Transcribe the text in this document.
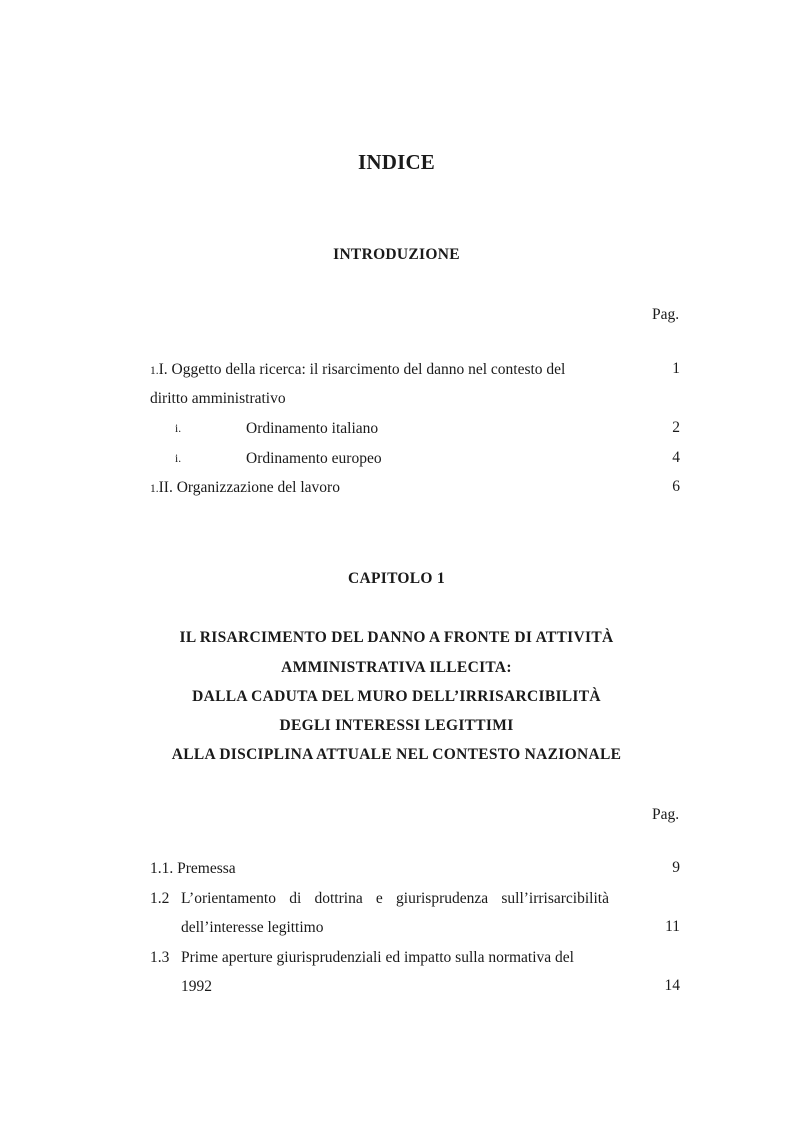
INDICE
INTRODUZIONE
Pag.
1.I. Oggetto della ricerca: il risarcimento del danno nel contesto del	1
diritto amministrativo
i.	Ordinamento italiano	2
i.	Ordinamento europeo	4
1.II. Organizzazione del lavoro	6
CAPITOLO 1
IL RISARCIMENTO DEL DANNO A FRONTE DI ATTIVITÀ
AMMINISTRATIVA ILLECITA:
DALLA CADUTA DEL MURO DELL’IRRISARCIBILITÀ
DEGLI INTERESSI LEGITTIMI
ALLA DISCIPLINA ATTUALE NEL CONTESTO NAZIONALE
Pag.
1.1. Premessa	9
1.2 L’orientamento di dottrina e giurisprudenza sull’irrisarcibilità
dell’interesse legittimo	11
1.3 Prime aperture giurisprudenziali ed impatto sulla normativa del
1992	14
